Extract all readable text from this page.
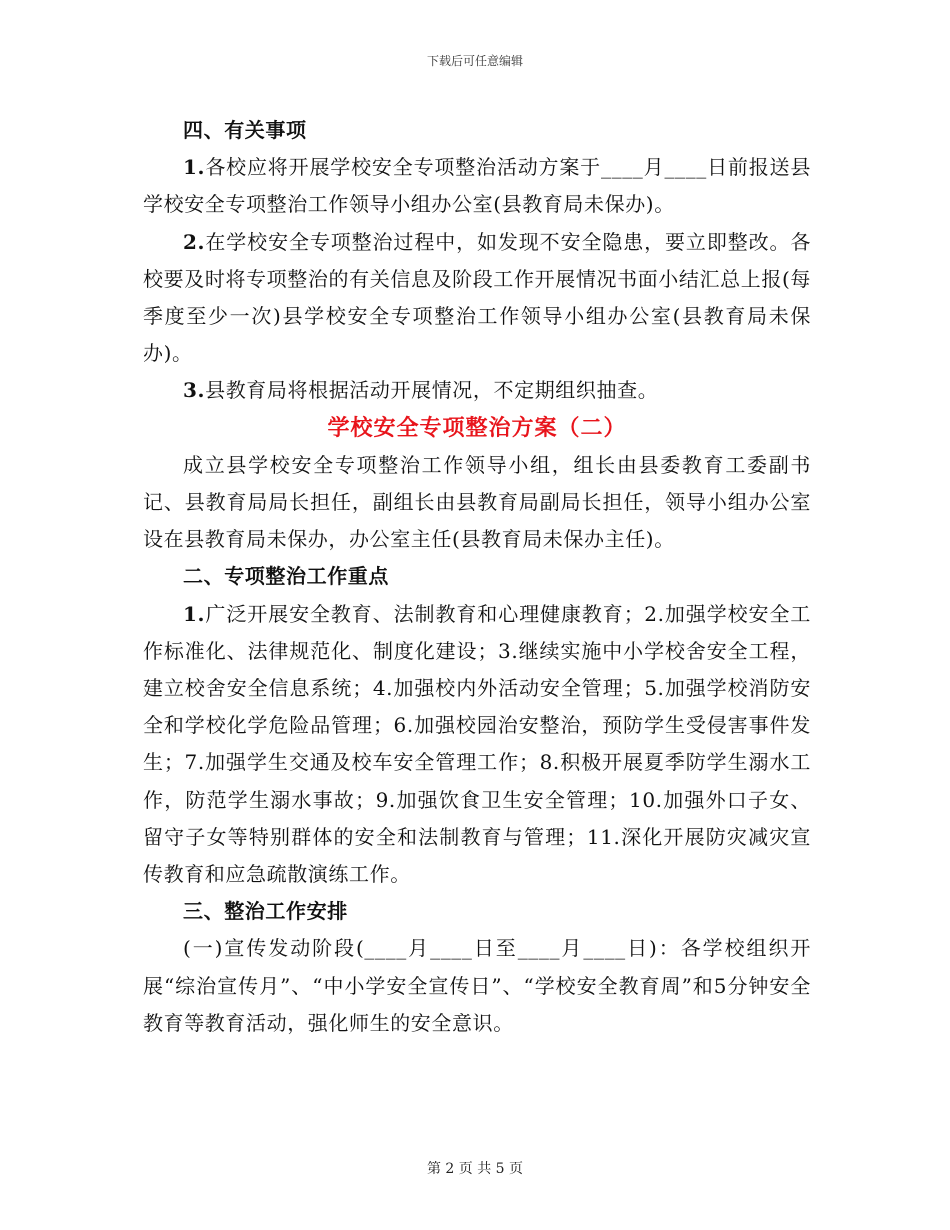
下载后可任意编辑

四、有关事项

1.各校应将开展学校安全专项整治活动方案于____月____日前报送县学校安全专项整治工作领导小组办公室(县教育局未保办)。

2.在学校安全专项整治过程中，如发现不安全隐患，要立即整改。各校要及时将专项整治的有关信息及阶段工作开展情况书面小结汇总上报(每季度至少一次)县学校安全专项整治工作领导小组办公室(县教育局未保办)。

3.县教育局将根据活动开展情况，不定期组织抽查。

学校安全专项整治方案（二）

成立县学校安全专项整治工作领导小组，组长由县委教育工委副书记、县教育局局长担任，副组长由县教育局副局长担任，领导小组办公室设在县教育局未保办，办公室主任(县教育局未保办主任)。

二、专项整治工作重点

1.广泛开展安全教育、法制教育和心理健康教育；2.加强学校安全工作标准化、法律规范化、制度化建设；3.继续实施中小学校舍安全工程，建立校舍安全信息系统；4.加强校内外活动安全管理；5.加强学校消防安全和学校化学危险品管理；6.加强校园治安整治，预防学生受侵害事件发生；7.加强学生交通及校车安全管理工作；8.积极开展夏季防学生溺水工作，防范学生溺水事故；9.加强饮食卫生安全管理；10.加强外口子女、留守子女等特别群体的安全和法制教育与管理；11.深化开展防灾减灾宣传教育和应急疏散演练工作。

三、整治工作安排

(一)宣传发动阶段(____月____日至____月____日)：各学校组织开展“综治宣传月”、“中小学安全宣传日”、“学校安全教育周”和5分钟安全教育等教育活动，强化师生的安全意识。

第 2 页 共 5 页
